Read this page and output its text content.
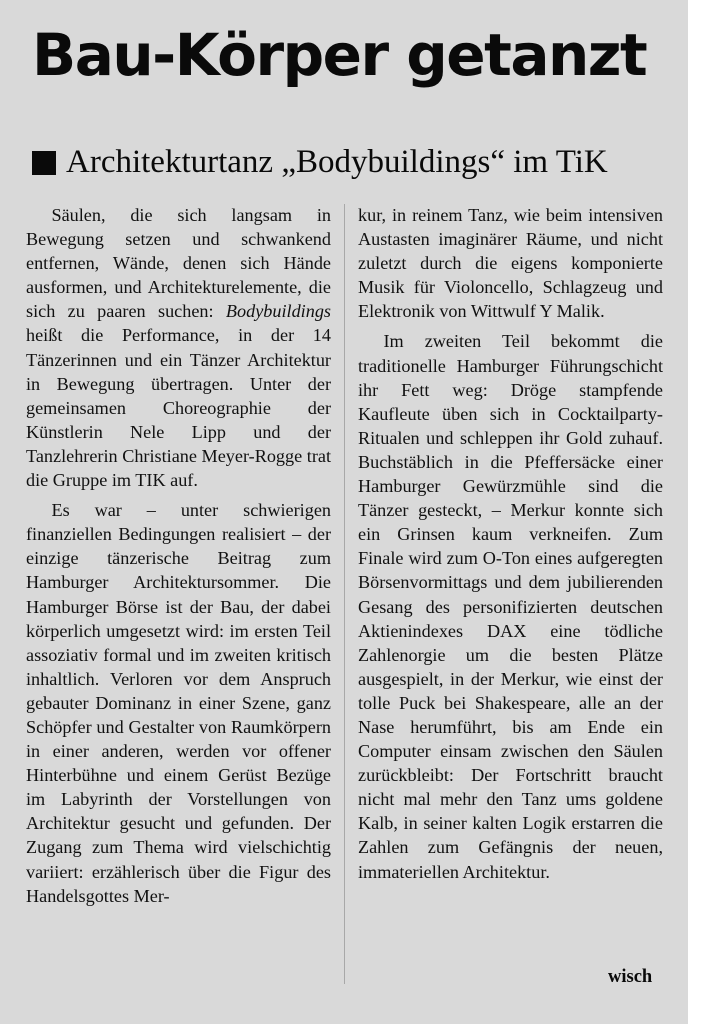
Bau-Körper getanzt
Architekturtanz „Bodybuildings“ im TiK

Säulen, die sich langsam in Bewegung setzen und schwankend entfernen, Wände, denen sich Hände ausformen, und Architekturelemente, die sich zu paaren suchen: Bodybuildings heißt die Performance, in der 14 Tänzerinnen und ein Tänzer Architektur in Bewegung übertragen. Unter der gemeinsamen Choreographie der Künstlerin Nele Lipp und der Tanzlehrerin Christiane Meyer-Rogge trat die Gruppe im TIK auf.

Es war – unter schwierigen finanziellen Bedingungen realisiert – der einzige tänzerische Beitrag zum Hamburger Architektursommer. Die Hamburger Börse ist der Bau, der dabei körperlich umgesetzt wird: im ersten Teil assoziativ formal und im zweiten kritisch inhaltlich. Verloren vor dem Anspruch gebauter Dominanz in einer Szene, ganz Schöpfer und Gestalter von Raumkörpern in einer anderen, werden vor offener Hinterbühne und einem Gerüst Bezüge im Labyrinth der Vorstellungen von Architektur gesucht und gefunden. Der Zugang zum Thema wird vielschichtig variiert: erzählerisch über die Figur des Handelsgottes Mer-

kur, in reinem Tanz, wie beim intensiven Austasten imaginärer Räume, und nicht zuletzt durch die eigens komponierte Musik für Violoncello, Schlagzeug und Elektronik von Wittwulf Y Malik.

Im zweiten Teil bekommt die traditionelle Hamburger Führungschicht ihr Fett weg: Dröge stampfende Kaufleute üben sich in Cocktailparty-Ritualen und schleppen ihr Gold zuhauf. Buchstäblich in die Pfeffersäcke einer Hamburger Gewürzmühle sind die Tänzer gesteckt, – Merkur konnte sich ein Grinsen kaum verkneifen. Zum Finale wird zum O-Ton eines aufgeregten Börsenvormittags und dem jubilierenden Gesang des personifizierten deutschen Aktienindexes DAX eine tödliche Zahlenorgie um die besten Plätze ausgespielt, in der Merkur, wie einst der tolle Puck bei Shakespeare, alle an der Nase herumführt, bis am Ende ein Computer einsam zwischen den Säulen zurückbleibt: Der Fortschritt braucht nicht mal mehr den Tanz ums goldene Kalb, in seiner kalten Logik erstarren die Zahlen zum Gefängnis der neuen, immateriellen Architektur.

wisch
